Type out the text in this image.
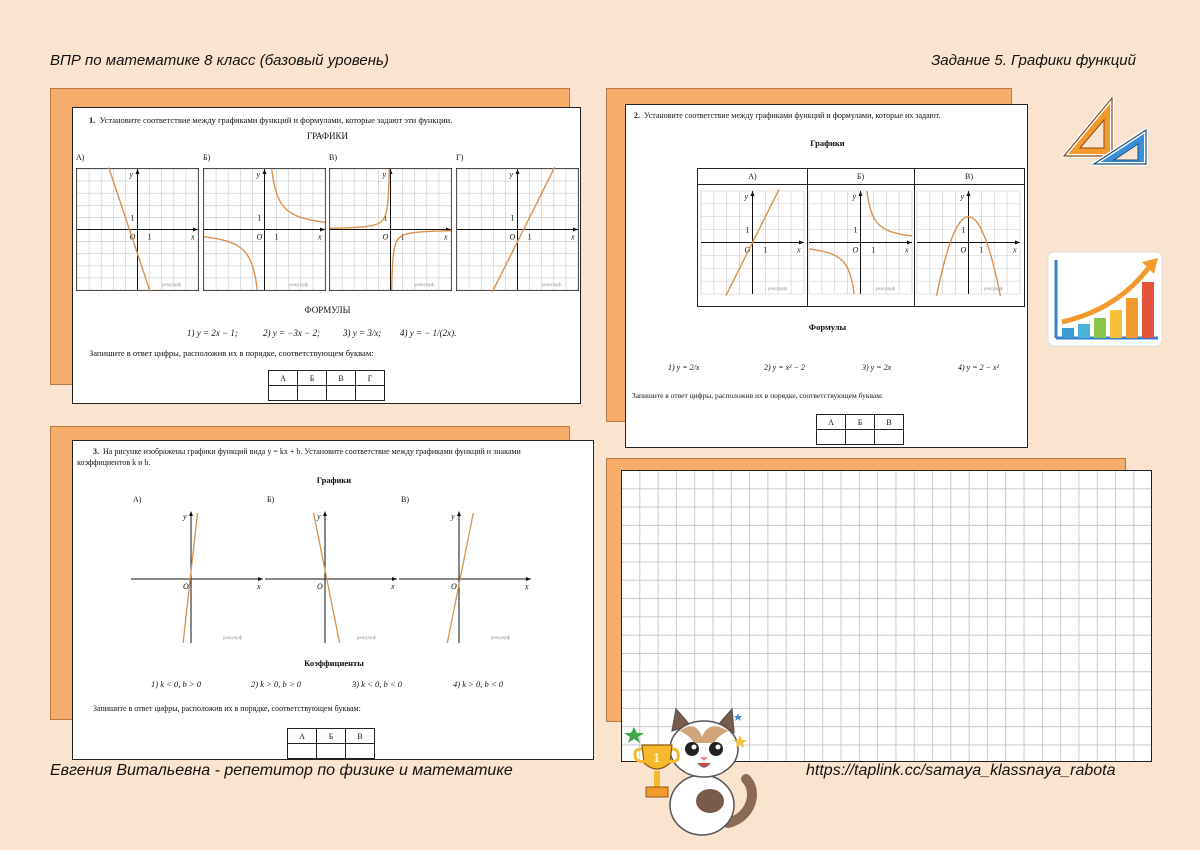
ВПР по математике 8 класс (базовый уровень)	Задание 5. Графики функций
Евгения Витальевна - репетитор по физике и математике	https://taplink.cc/samaya_klassnaya_rabota
1. Установите соответствие между графиками функций и формулами, которые задают эти функции.
ГРАФИКИ
А)	Б)	В)	Г)
x
y
O 1
1
решуврф
x
y
O 1
1
решуврф
x
y
O 1
1
решуврф
x
y
O 1
1
решуврф
ФОРМУЛЫ
1) y = 2x − 1;	2) y = −3x − 2;	3) y = 3/x; 4) y = − 1/(2x).
Запишите в ответ цифры, расположив их в порядке, соответствующем буквам:
А	Б	В	Г

2. Установите соответствие между графиками функций и формулами, которые их задают.
Графики
А)	Б)	В)
x
y
O 1
1
решуврф
x
y
O 1
1
решуврф
x
y
O 1
1
решуврф
Формулы
1) y = 2/x	2) y = x² − 2	3) y = 2x	4) y = 2 − x²
Запишите в ответ цифры, расположив их в порядке, соответствующем буквам:
А	Б	В

3. На рисунке изображены графики функций вида y = kx + b. Установите соответствие между графиками функций и знаками
коэффициентов k и b.
Графики
А)	Б)	В)
x
y
O
решуврф
x
y
O
решуврф
x
y
O
решуврф
Коэффициенты
1) k < 0, b > 0	2) k > 0, b > 0	3) k < 0, b < 0	4) k > 0, b < 0
Запишите в ответ цифры, расположив их в порядке, соответствующем буквам:
А	Б	В

1
